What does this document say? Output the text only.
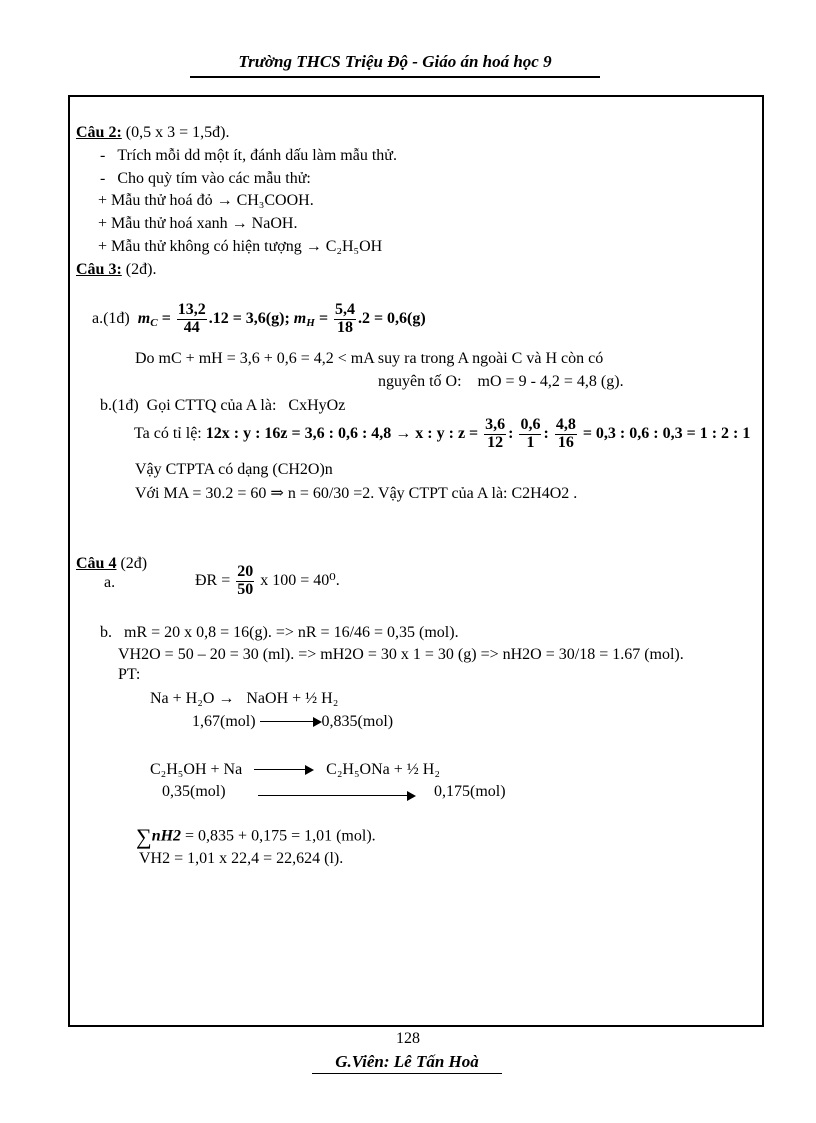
Trường THCS Triệu Độ - Giáo án hoá học 9
Câu 2: (0,5 x 3 = 1,5đ).
- Trích mỗi dd một ít, đánh dấu làm mẫu thử.
- Cho quỳ tím vào các mẫu thử:
+ Mẫu thử hoá đỏ → CH₃COOH.
+ Mẫu thử hoá xanh → NaOH.
+ Mẫu thử không có hiện tượng → C₂H₅OH
Câu 3: (2đ).
a.(1đ) $m_C = \frac{13,2}{44} .12 = 3,6(g)$; $m_H = \frac{5,4}{18} .2 = 0,6(g)$
Do mC + mH = 3,6 + 0,6 = 4,2 < mA suy ra trong A ngoài C và H còn có
nguyên tố O: mO = 9 - 4,2 = 4,8 (g).
b.(1đ) Gọi CTTQ của A là: CxHyOz
Ta có tỉ lệ: 12x : y : 16z = 3,6 : 0,6 : 4,8 → x : y : $z = \frac{3,6}{12}$ : $\frac{0,6}{1}$ : $\frac{4,8}{16} = 0,3$ : 0,6 : 0,3 = 1 : 2 : 1
Vậy CTPTA có dạng (CH2O)n
Với MA = 30.2 = 60 ⇒ n = 60/30 =2. Vậy CTPT của A là: C2H4O2 .
Câu 4 (2đ)
a.	ĐR = $\frac{20}{50}$ x 100 = 40⁰.
b. mR = 20 x 0,8 = 16(g). => nR = 16/46 = 0,35 (mol).
VH2O = 50 – 20 = 30 (ml). => mH2O = 30 x 1 = 30 (g) => nH2O = 30/18 = 1.67 (mol).
PT:
Na + H₂O → NaOH + ½ H₂
1,67(mol)	0,835(mol)
C₂H₅OH + Na	C₂H₅ONa + ½ H₂
0,35(mol)	0,175(mol)
∑nH2 = 0,835 + 0,175 = 1,01 (mol).
VH2 = 1,01 x 22,4 = 22,624 (l).
128
G.Viên: Lê Tấn Hoà
